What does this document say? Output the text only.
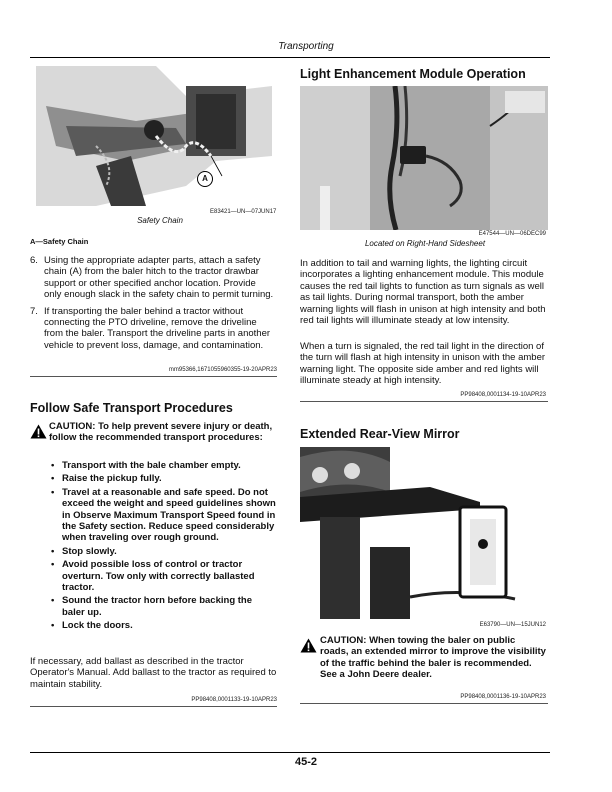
Transporting
A
E83421—UN—07JUN17
Safety Chain
A—Safety Chain
6. Using the appropriate adapter parts, attach a safety chain (A) from the baler hitch to the tractor drawbar support or other specified anchor location. Provide only enough slack in the safety chain to permit turning.
7. If transporting the baler behind a tractor without connecting the PTO driveline, remove the driveline from the baler. Transport the driveline parts in another vehicle to prevent loss, damage, and contamination.
mm95366,1671055960355-19-20APR23
Follow Safe Transport Procedures
CAUTION: To help prevent severe injury or death, follow the recommended transport procedures:
• Transport with the bale chamber empty.
• Raise the pickup fully.
• Travel at a reasonable and safe speed. Do not exceed the weight and speed guidelines shown in Observe Maximum Transport Speed found in the Safety section. Reduce speed considerably when traveling over rough ground.
• Stop slowly.
• Avoid possible loss of control or tractor overturn. Tow only with correctly ballasted tractor.
• Sound the tractor horn before backing the baler up.
• Lock the doors.
If necessary, add ballast as described in the tractor Operator's Manual. Add ballast to the tractor as required to maintain stability.
PP98408,0001133-19-10APR23
Light Enhancement Module Operation
E47544—UN—06DEC99
Located on Right-Hand Sidesheet
In addition to tail and warning lights, the lighting circuit incorporates a lighting enhancement module. This module causes the red tail lights to function as turn signals as well as tail lights. During normal transport, both the amber warning lights will flash in unison at high intensity and both red tail lights will illuminate steady at low intensity.
When a turn is signaled, the red tail light in the direction of the turn will flash at high intensity in unison with the amber warning light. The opposite side amber and red lights will illuminate steady at high intensity.
PP98408,0001134-19-10APR23
Extended Rear-View Mirror
E63790—UN—15JUN12
CAUTION: When towing the baler on public roads, an extended mirror to improve the visibility of the traffic behind the baler is recommended. See a John Deere dealer.
PP98408,0001136-19-10APR23
45-2
